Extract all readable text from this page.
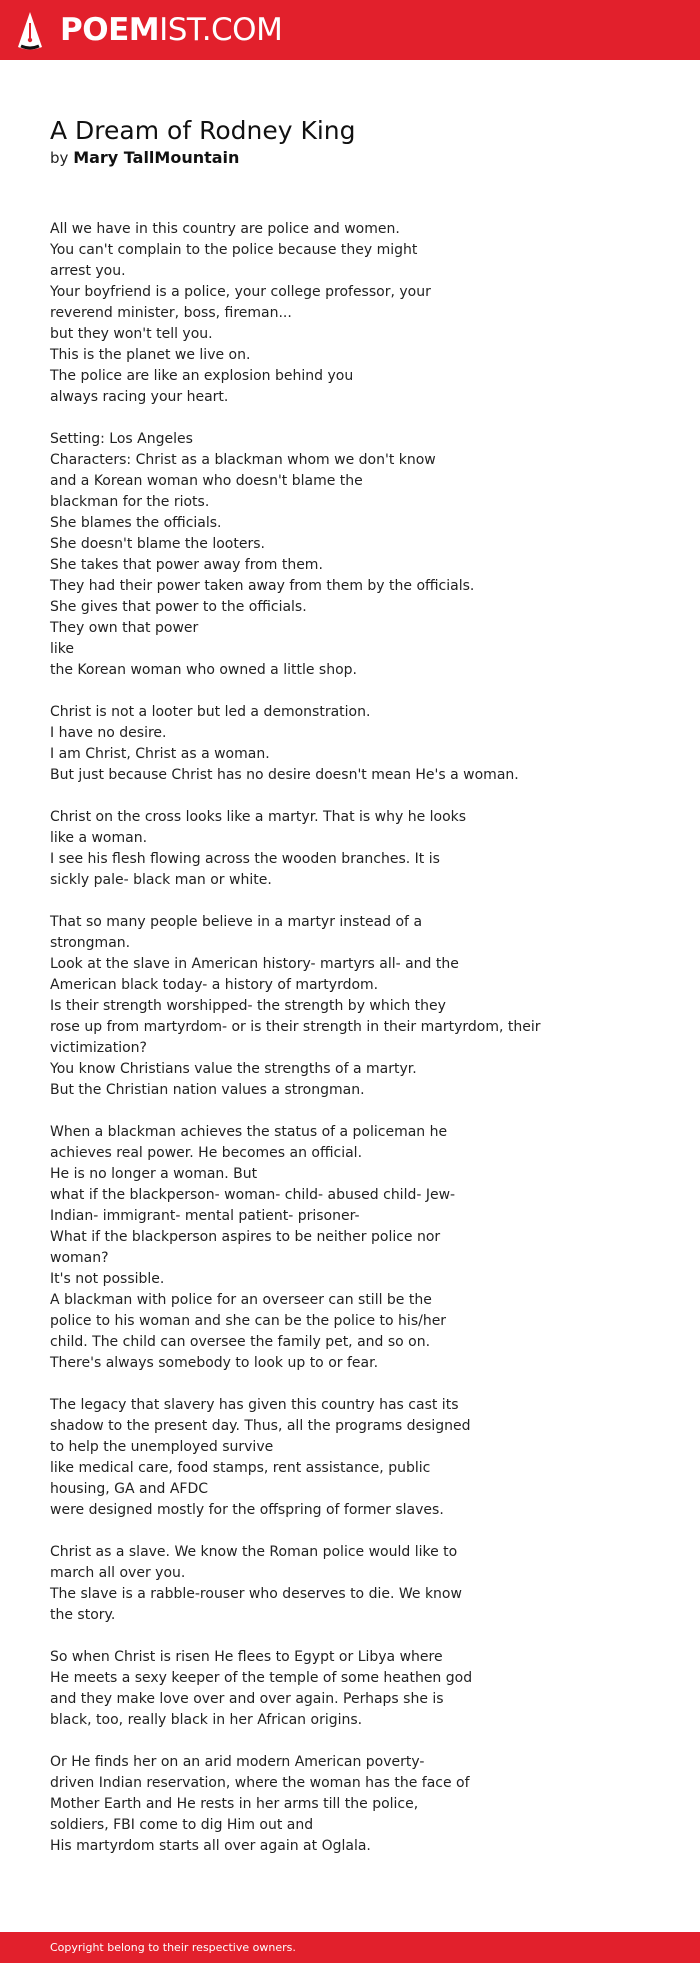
POEMIST.COM
A Dream of Rodney King
by Mary TallMountain
All we have in this country are police and women.
You can't complain to the police because they might
arrest you.
Your boyfriend is a police, your college professor, your
reverend minister, boss, fireman...
but they won't tell you.
This is the planet we live on.
The police are like an explosion behind you
always racing your heart.
Setting: Los Angeles
Characters: Christ as a blackman whom we don't know
and a Korean woman who doesn't blame the
blackman for the riots.
She blames the officials.
She doesn't blame the looters.
She takes that power away from them.
They had their power taken away from them by the officials.
She gives that power to the officials.
They own that power
like
the Korean woman who owned a little shop.
Christ is not a looter but led a demonstration.
I have no desire.
I am Christ, Christ as a woman.
But just because Christ has no desire doesn't mean He's a woman.
Christ on the cross looks like a martyr. That is why he looks
like a woman.
I see his flesh flowing across the wooden branches. It is
sickly pale- black man or white.
That so many people believe in a martyr instead of a
strongman.
Look at the slave in American history- martyrs all- and the
American black today- a history of martyrdom.
Is their strength worshipped- the strength by which they
rose up from martyrdom- or is their strength in their martyrdom, their
victimization?
You know Christians value the strengths of a martyr.
But the Christian nation values a strongman.
When a blackman achieves the status of a policeman he
achieves real power. He becomes an official.
He is no longer a woman. But
what if the blackperson- woman- child- abused child- Jew-
Indian- immigrant- mental patient- prisoner-
What if the blackperson aspires to be neither police nor
woman?
It's not possible.
A blackman with police for an overseer can still be the
police to his woman and she can be the police to his/her
child. The child can oversee the family pet, and so on.
There's always somebody to look up to or fear.
The legacy that slavery has given this country has cast its
shadow to the present day. Thus, all the programs designed
to help the unemployed survive
like medical care, food stamps, rent assistance, public
housing, GA and AFDC
were designed mostly for the offspring of former slaves.
Christ as a slave. We know the Roman police would like to
march all over you.
The slave is a rabble-rouser who deserves to die. We know
the story.
So when Christ is risen He flees to Egypt or Libya where
He meets a sexy keeper of the temple of some heathen god
and they make love over and over again. Perhaps she is
black, too, really black in her African origins.
Or He finds her on an arid modern American poverty-
driven Indian reservation, where the woman has the face of
Mother Earth and He rests in her arms till the police,
soldiers, FBI come to dig Him out and
His martyrdom starts all over again at Oglala.
Copyright belong to their respective owners.
